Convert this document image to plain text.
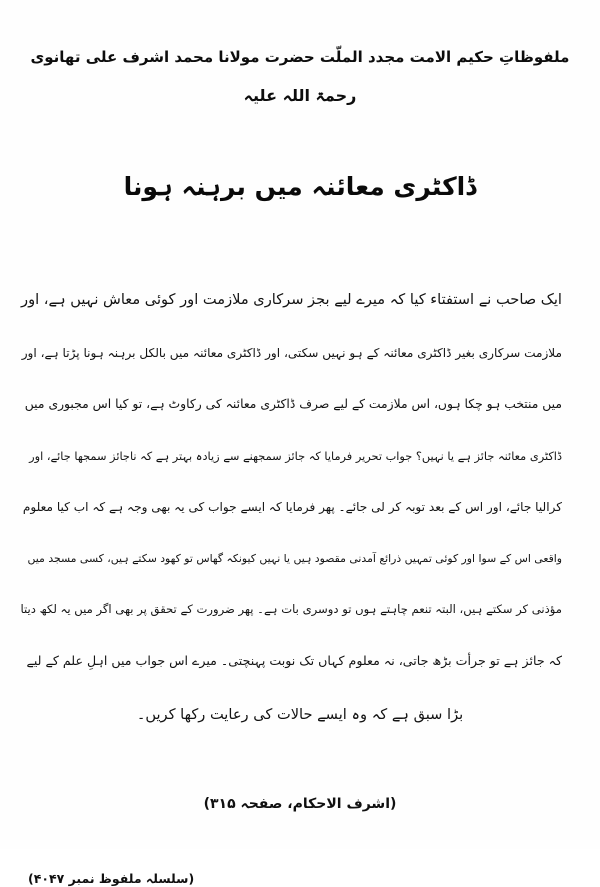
ملفوظاتِ حکیم الامت مجدد الملّت حضرت مولانا محمد اشرف علی تھانوی
رحمۃ اللہ علیہ
ڈاکٹری معائنہ میں برہنہ ہونا

ایک صاحب نے استفتاء کیا کہ میرے لیے بجز سرکاری ملازمت اور کوئی معاش نہیں ہے، اور

ملازمت سرکاری بغیر ڈاکٹری معائنہ کے ہو نہیں سکتی، اور ڈاکٹری معائنہ میں بالکل برہنہ ہونا پڑتا ہے، اور

میں منتخب ہو چکا ہوں، اس ملازمت کے لیے صرف ڈاکٹری معائنہ کی رکاوٹ ہے، تو کیا اس مجبوری میں

ڈاکٹری معائنہ جائز ہے یا نہیں؟ جواب تحریر فرمایا کہ جائز سمجھنے سے زیادہ بہتر ہے کہ ناجائز سمجھا جائے، اور

کرالیا جائے، اور اس کے بعد توبہ کر لی جائے۔ پھر فرمایا کہ ایسے جواب کی یہ بھی وجہ ہے کہ اب کیا معلوم

واقعی اس کے سوا اور کوئی تمہیں ذرائع آمدنی مقصود ہیں یا نہیں کیونکہ گھاس تو کھود سکتے ہیں، کسی مسجد میں

مؤذنی کر سکتے ہیں، البتہ تنعم چاہتے ہوں تو دوسری بات ہے۔ پھر ضرورت کے تحقق پر بھی اگر میں یہ لکھ دیتا

کہ جائز ہے تو جرأت بڑھ جاتی، نہ معلوم کہاں تک نوبت پہنچتی۔ میرے اس جواب میں اہلِ علم کے لیے

بڑا سبق ہے کہ وہ ایسے حالات کی رعایت رکھا کریں۔

(اشرف الاحکام، صفحہ ۳۱۵)
(سلسلہ ملفوظ نمبر ۴۰۴۷)
